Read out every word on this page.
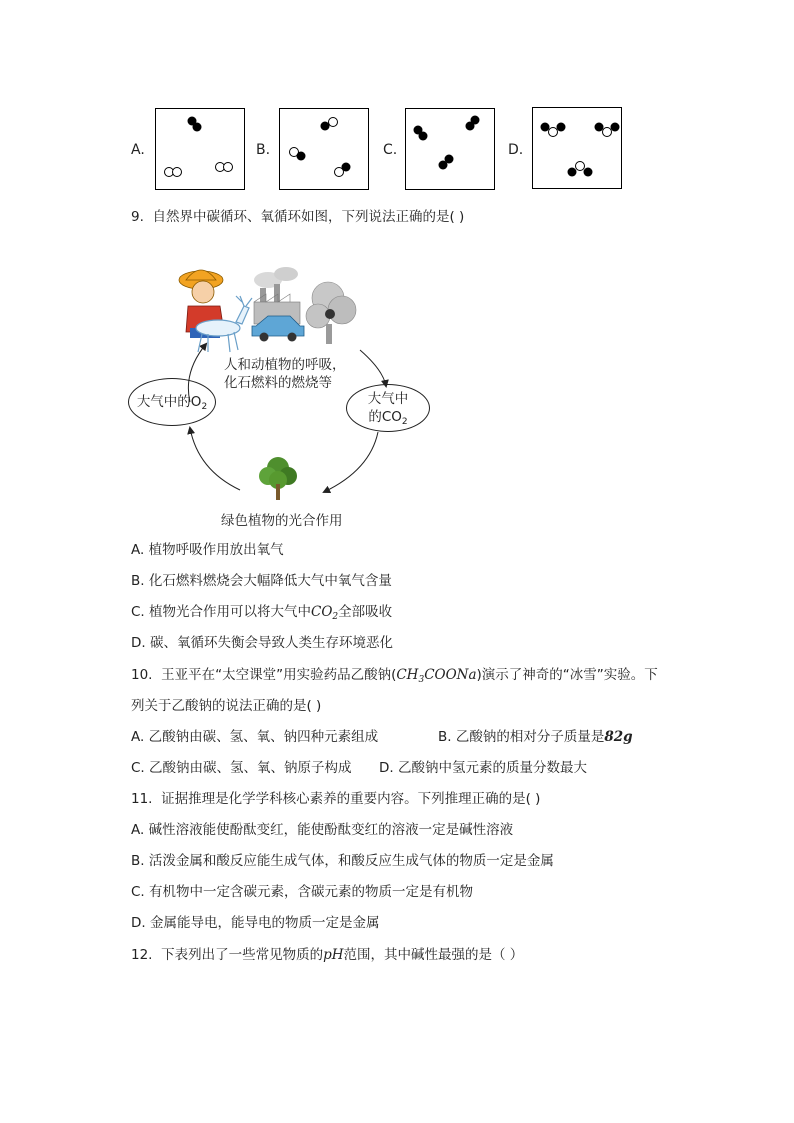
A.	B.	C.	D.
9. 自然界中碳循环、氧循环如图，下列说法正确的是( )
人和动植物的呼吸，
化石燃料的燃烧等
大气中的$O_2$	大气中
的$CO_2$
绿色植物的光合作用
A. 植物呼吸作用放出氧气
B. 化石燃料燃烧会大幅降低大气中氧气含量
C. 植物光合作用可以将大气中$CO_2$全部吸收
D. 碳、氧循环失衡会导致人类生存环境恶化
10. 王亚平在“太空课堂”用实验药品乙酸钠$(CH_3COONa)$演示了神奇的“冰雪”实验。下
列关于乙酸钠的说法正确的是( )
A. 乙酸钠由碳、氢、氧、钠四种元素组成	B. 乙酸钠的相对分子质量是82g
C. 乙酸钠由碳、氢、氧、钠原子构成 D. 乙酸钠中氢元素的质量分数最大
11. 证据推理是化学学科核心素养的重要内容。下列推理正确的是( )
A. 碱性溶液能使酚酞变红，能使酚酞变红的溶液一定是碱性溶液
B. 活泼金属和酸反应能生成气体，和酸反应生成气体的物质一定是金属
C. 有机物中一定含碳元素，含碳元素的物质一定是有机物
D. 金属能导电，能导电的物质一定是金属
12. 下表列出了一些常见物质的pH范围，其中碱性最强的是（ ）
